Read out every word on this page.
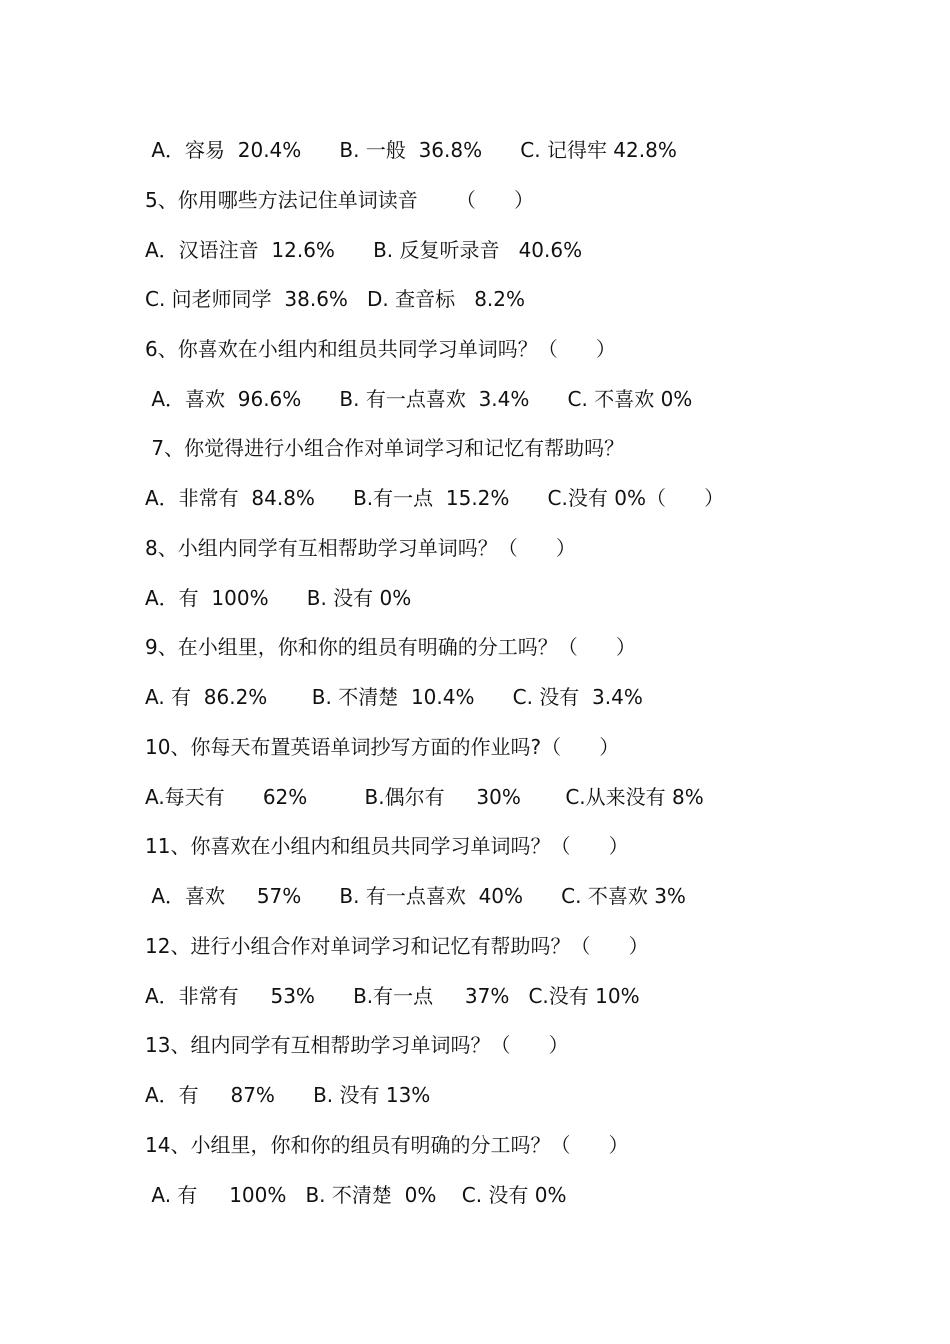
A．容易  20.4%      B. 一般  36.8%      C. 记得牢 42.8%
5、你用哪些方法记住单词读音      （      ）
A．汉语注音  12.6%      B. 反复听录音   40.6%
C. 问老师同学  38.6%   D. 查音标   8.2%
6、你喜欢在小组内和组员共同学习单词吗？（      ）
A．喜欢  96.6%      B. 有一点喜欢  3.4%      C. 不喜欢 0%
7、你觉得进行小组合作对单词学习和记忆有帮助吗？
A．非常有  84.8%      B.有一点  15.2%      C.没有 0%（      ）
8、小组内同学有互相帮助学习单词吗？（      ）
A．有  100%      B. 没有 0%
9、在小组里，你和你的组员有明确的分工吗？（      ）
A. 有  86.2%       B. 不清楚  10.4%      C. 没有  3.4%
10、你每天布置英语单词抄写方面的作业吗?（      ）
A.每天有      62%         B.偶尔有     30%       C.从来没有 8%
11、你喜欢在小组内和组员共同学习单词吗？（      ）
A．喜欢     57%      B. 有一点喜欢  40%      C. 不喜欢 3%
12、进行小组合作对单词学习和记忆有帮助吗？（      ）
A．非常有     53%      B.有一点     37%   C.没有 10%
13、组内同学有互相帮助学习单词吗？（      ）
A．有     87%      B. 没有 13%
14、小组里，你和你的组员有明确的分工吗？（      ）
A. 有     100%   B. 不清楚  0%    C. 没有 0%
